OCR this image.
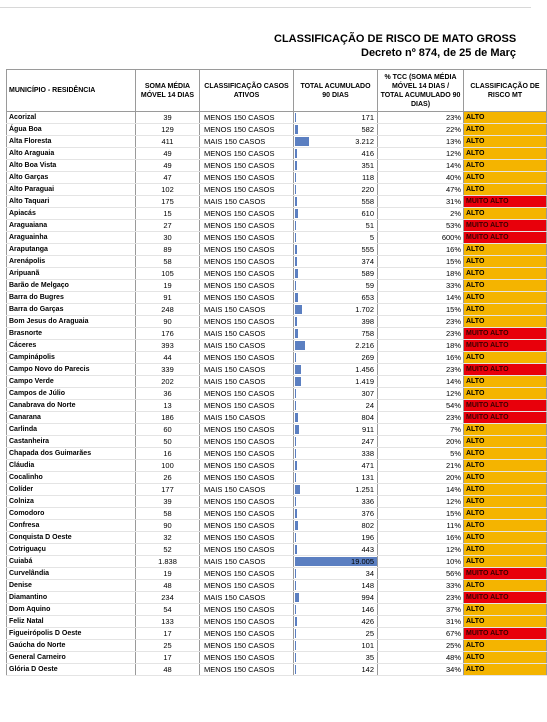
CLASSIFICAÇÃO DE RISCO DE MATO GROSS
Decreto nº 874, de 25 de Març
MUNICÍPIO - RESIDÊNCIA	SOMA MÉDIA MÓVEL 14 DIAS	CLASSIFICAÇÃO CASOS ATIVOS	TOTAL ACUMULADO 90 DIAS	% TCC (SOMA MÉDIA MÓVEL 14 DIAS / TOTAL ACUMULADO 90 DIAS)	CLASSIFICAÇÃO DE RISCO MT
Acorizal	39	MENOS 150 CASOS	171	23%	ALTO
Água Boa	129	MENOS 150 CASOS	582	22%	ALTO
Alta Floresta	411	MAIS 150 CASOS	3.212	13%	ALTO
Alto Araguaia	49	MENOS 150 CASOS	416	12%	ALTO
Alto Boa Vista	49	MENOS 150 CASOS	351	14%	ALTO
Alto Garças	47	MENOS 150 CASOS	118	40%	ALTO
Alto Paraguai	102	MENOS 150 CASOS	220	47%	ALTO
Alto Taquari	175	MAIS 150 CASOS	558	31%	MUITO ALTO
Apiacás	15	MENOS 150 CASOS	610	2%	ALTO
Araguaiana	27	MENOS 150 CASOS	51	53%	MUITO ALTO
Araguainha	30	MENOS 150 CASOS	5	600%	MUITO ALTO
Araputanga	89	MENOS 150 CASOS	555	16%	ALTO
Arenápolis	58	MENOS 150 CASOS	374	15%	ALTO
Aripuanã	105	MENOS 150 CASOS	589	18%	ALTO
Barão de Melgaço	19	MENOS 150 CASOS	59	33%	ALTO
Barra do Bugres	91	MENOS 150 CASOS	653	14%	ALTO
Barra do Garças	248	MAIS 150 CASOS	1.702	15%	ALTO
Bom Jesus do Araguaia	90	MENOS 150 CASOS	398	23%	ALTO
Brasnorte	176	MAIS 150 CASOS	758	23%	MUITO ALTO
Cáceres	393	MAIS 150 CASOS	2.216	18%	MUITO ALTO
Campinápolis	44	MENOS 150 CASOS	269	16%	ALTO
Campo Novo do Parecis	339	MAIS 150 CASOS	1.456	23%	MUITO ALTO
Campo Verde	202	MAIS 150 CASOS	1.419	14%	ALTO
Campos de Júlio	36	MENOS 150 CASOS	307	12%	ALTO
Canabrava do Norte	13	MENOS 150 CASOS	24	54%	MUITO ALTO
Canarana	186	MAIS 150 CASOS	804	23%	MUITO ALTO
Carlinda	60	MENOS 150 CASOS	911	7%	ALTO
Castanheira	50	MENOS 150 CASOS	247	20%	ALTO
Chapada dos Guimarães	16	MENOS 150 CASOS	338	5%	ALTO
Cláudia	100	MENOS 150 CASOS	471	21%	ALTO
Cocalinho	26	MENOS 150 CASOS	131	20%	ALTO
Colíder	177	MAIS 150 CASOS	1.251	14%	ALTO
Colniza	39	MENOS 150 CASOS	336	12%	ALTO
Comodoro	58	MENOS 150 CASOS	376	15%	ALTO
Confresa	90	MENOS 150 CASOS	802	11%	ALTO
Conquista D Oeste	32	MENOS 150 CASOS	196	16%	ALTO
Cotriguaçu	52	MENOS 150 CASOS	443	12%	ALTO
Cuiabá	1.838	MAIS 150 CASOS	19.005	10%	ALTO
Curvelândia	19	MENOS 150 CASOS	34	56%	MUITO ALTO
Denise	48	MENOS 150 CASOS	148	33%	ALTO
Diamantino	234	MAIS 150 CASOS	994	23%	MUITO ALTO
Dom Aquino	54	MENOS 150 CASOS	146	37%	ALTO
Feliz Natal	133	MENOS 150 CASOS	426	31%	ALTO
Figueirópolis D Oeste	17	MENOS 150 CASOS	25	67%	MUITO ALTO
Gaúcha do Norte	25	MENOS 150 CASOS	101	25%	ALTO
General Carneiro	17	MENOS 150 CASOS	35	48%	ALTO
Glória D Oeste	48	MENOS 150 CASOS	142	34%	ALTO
